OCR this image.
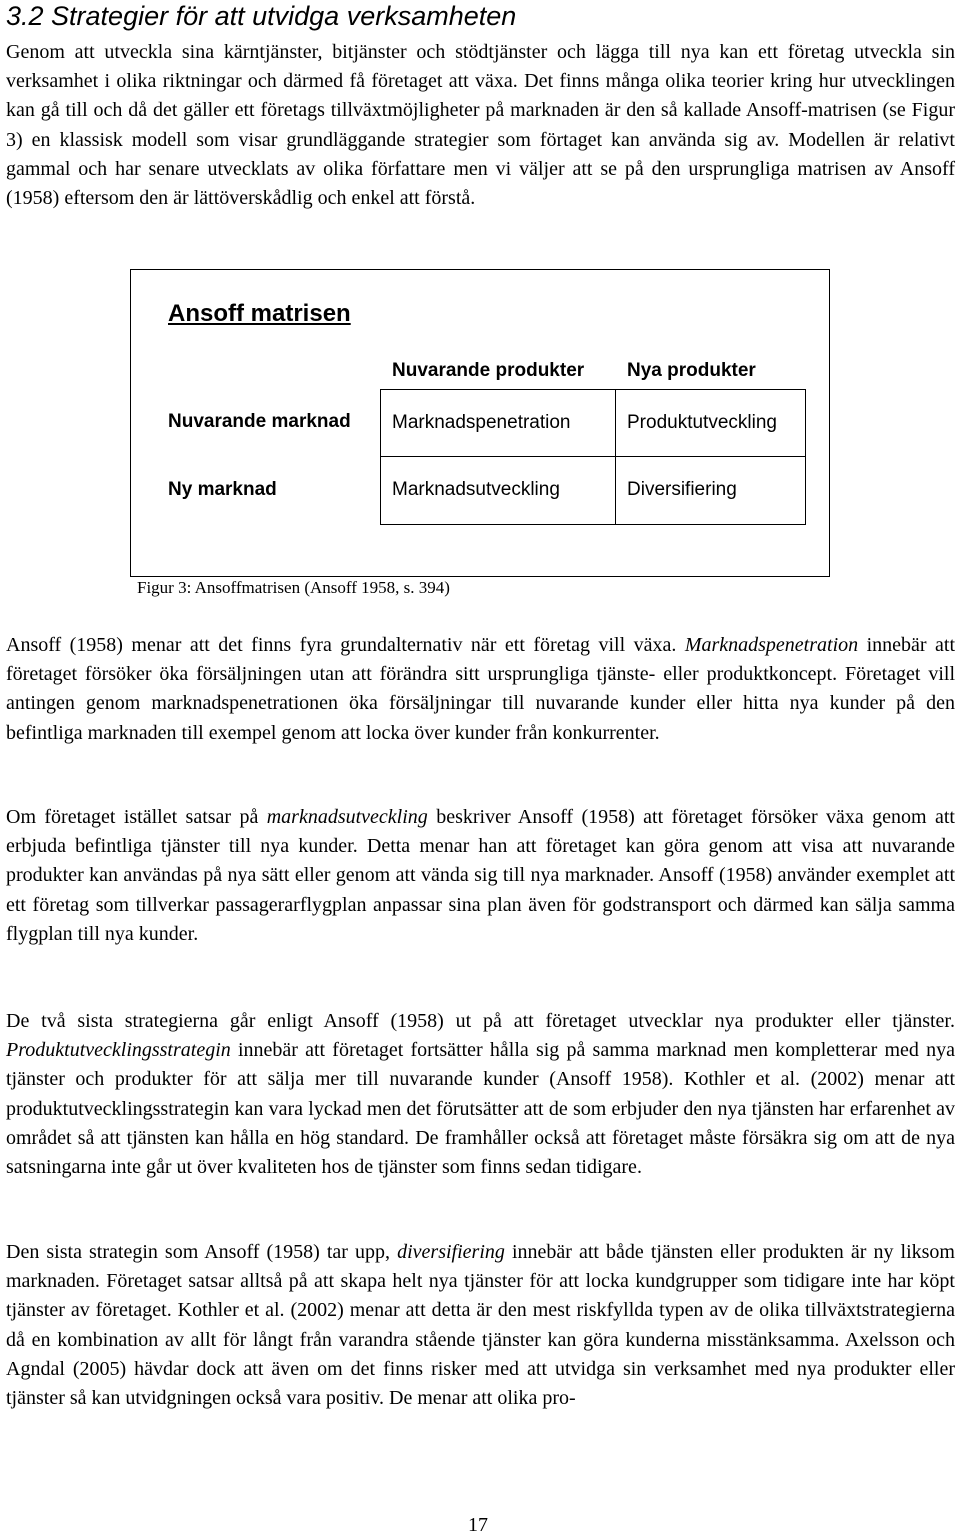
3.2 Strategier för att utvidga verksamheten

Genom att utveckla sina kärntjänster, bitjänster och stödtjänster och lägga till nya kan ett företag utveckla sin verksamhet i olika riktningar och därmed få företaget att växa. Det finns många olika teorier kring hur utvecklingen kan gå till och då det gäller ett företags tillväxtmöjligheter på marknaden är den så kallade Ansoff-matrisen (se Figur 3) en klassisk modell som visar grundläggande strategier som förtaget kan använda sig av. Modellen är relativt gammal och har senare utvecklats av olika författare men vi väljer att se på den ursprungliga matrisen av Ansoff (1958) eftersom den är lättöverskådlig och enkel att förstå.

Ansoff matrisen
Nuvarande produkter Nya produkter
Nuvarande marknad
Ny marknad
Marknadspenetration	Produktutveckling
Marknadsutveckling	Diversifiering
Figur 3: Ansoffmatrisen (Ansoff 1958, s. 394)

Ansoff (1958) menar att det finns fyra grundalternativ när ett företag vill växa. Marknadspenetration innebär att företaget försöker öka försäljningen utan att förändra sitt ursprungliga tjänste- eller produktkoncept. Företaget vill antingen genom marknadspenetrationen öka försäljningar till nuvarande kunder eller hitta nya kunder på den befintliga marknaden till exempel genom att locka över kunder från konkurrenter.

Om företaget istället satsar på marknadsutveckling beskriver Ansoff (1958) att företaget försöker växa genom att erbjuda befintliga tjänster till nya kunder. Detta menar han att företaget kan göra genom att visa att nuvarande produkter kan användas på nya sätt eller genom att vända sig till nya marknader. Ansoff (1958) använder exemplet att ett företag som tillverkar passagerarflygplan anpassar sina plan även för godstransport och därmed kan sälja samma flygplan till nya kunder.

De två sista strategierna går enligt Ansoff (1958) ut på att företaget utvecklar nya produkter eller tjänster. Produktutvecklingsstrategin innebär att företaget fortsätter hålla sig på samma marknad men kompletterar med nya tjänster och produkter för att sälja mer till nuvarande kunder (Ansoff 1958). Kothler et al. (2002) menar att produktutvecklingsstrategin kan vara lyckad men det förutsätter att de som erbjuder den nya tjänsten har erfarenhet av området så att tjänsten kan hålla en hög standard. De framhåller också att företaget måste försäkra sig om att de nya satsningarna inte går ut över kvaliteten hos de tjänster som finns sedan tidigare.

Den sista strategin som Ansoff (1958) tar upp, diversifiering innebär att både tjänsten eller produkten är ny liksom marknaden. Företaget satsar alltså på att skapa helt nya tjänster för att locka kundgrupper som tidigare inte har köpt tjänster av företaget. Kothler et al. (2002) menar att detta är den mest riskfyllda typen av de olika tillväxtstrategierna då en kombination av allt för långt från varandra stående tjänster kan göra kunderna misstänksamma. Axelsson och Agndal (2005) hävdar dock att även om det finns risker med att utvidga sin verksamhet med nya produkter eller tjänster så kan utvidgningen också vara positiv. De menar att olika pro-

17
